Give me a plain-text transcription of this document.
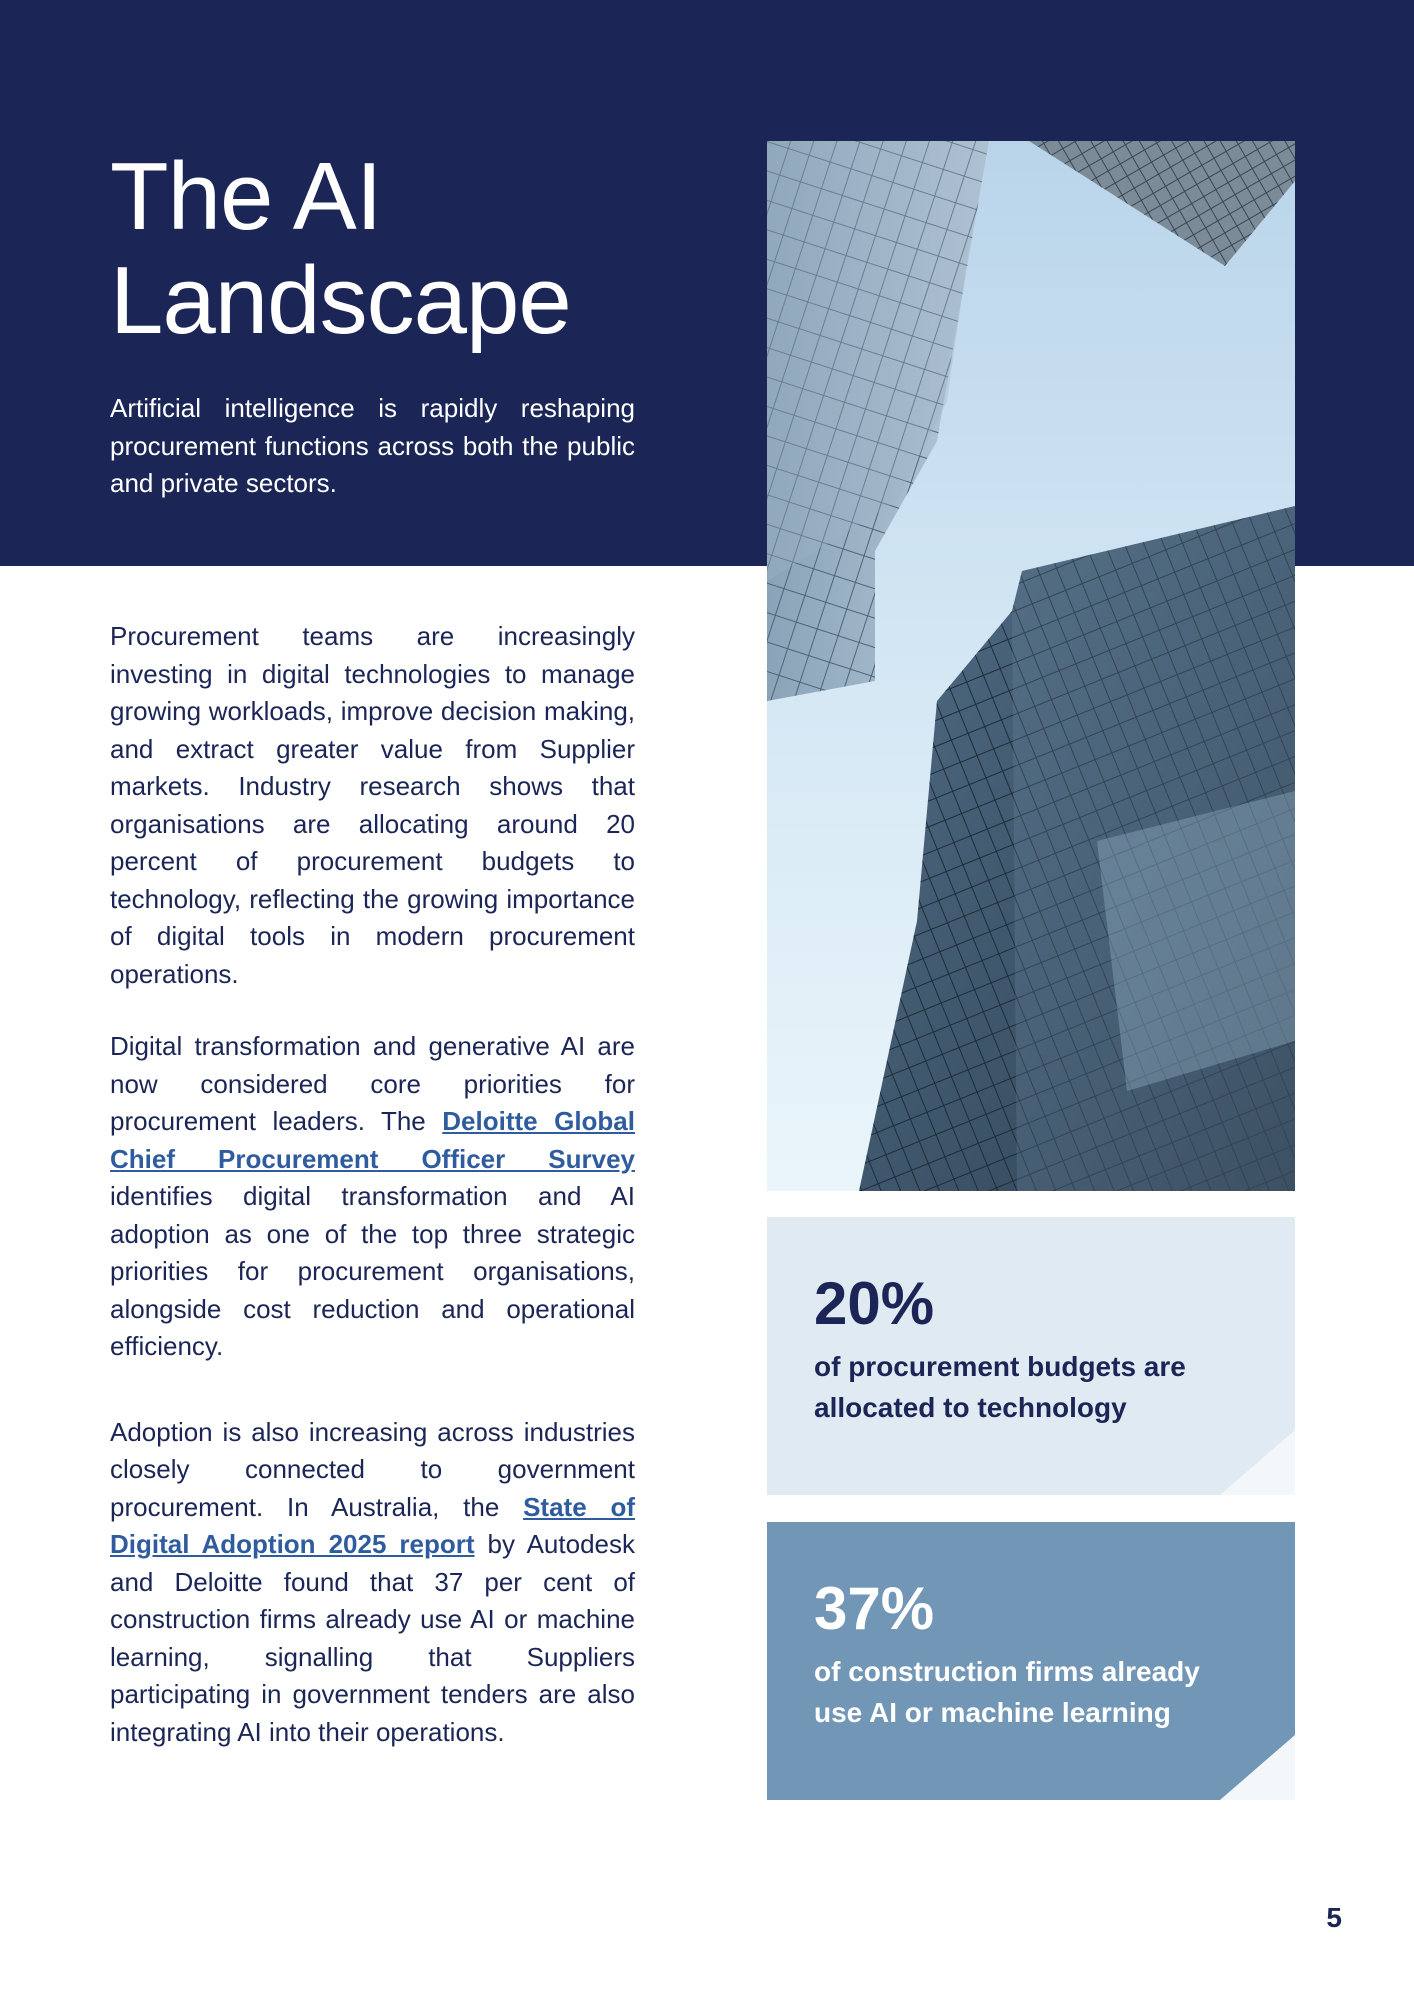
The AI Landscape

Artificial intelligence is rapidly reshaping procurement functions across both the public and private sectors.

Procurement teams are increasingly investing in digital technologies to manage growing workloads, improve decision making, and extract greater value from Supplier markets. Industry research shows that organisations are allocating around 20 percent of procurement budgets to technology, reflecting the growing importance of digital tools in modern procurement operations.

Digital transformation and generative AI are now considered core priorities for procurement leaders. The Deloitte Global Chief Procurement Officer Survey identifies digital transformation and AI adoption as one of the top three strategic priorities for procurement organisations, alongside cost reduction and operational efficiency.

Adoption is also increasing across industries closely connected to government procurement. In Australia, the State of Digital Adoption 2025 report by Autodesk and Deloitte found that 37 per cent of construction firms already use AI or machine learning, signalling that Suppliers participating in government tenders are also integrating AI into their operations.

20%

of procurement budgets are allocated to technology

37%

of construction firms already use AI or machine learning

5
